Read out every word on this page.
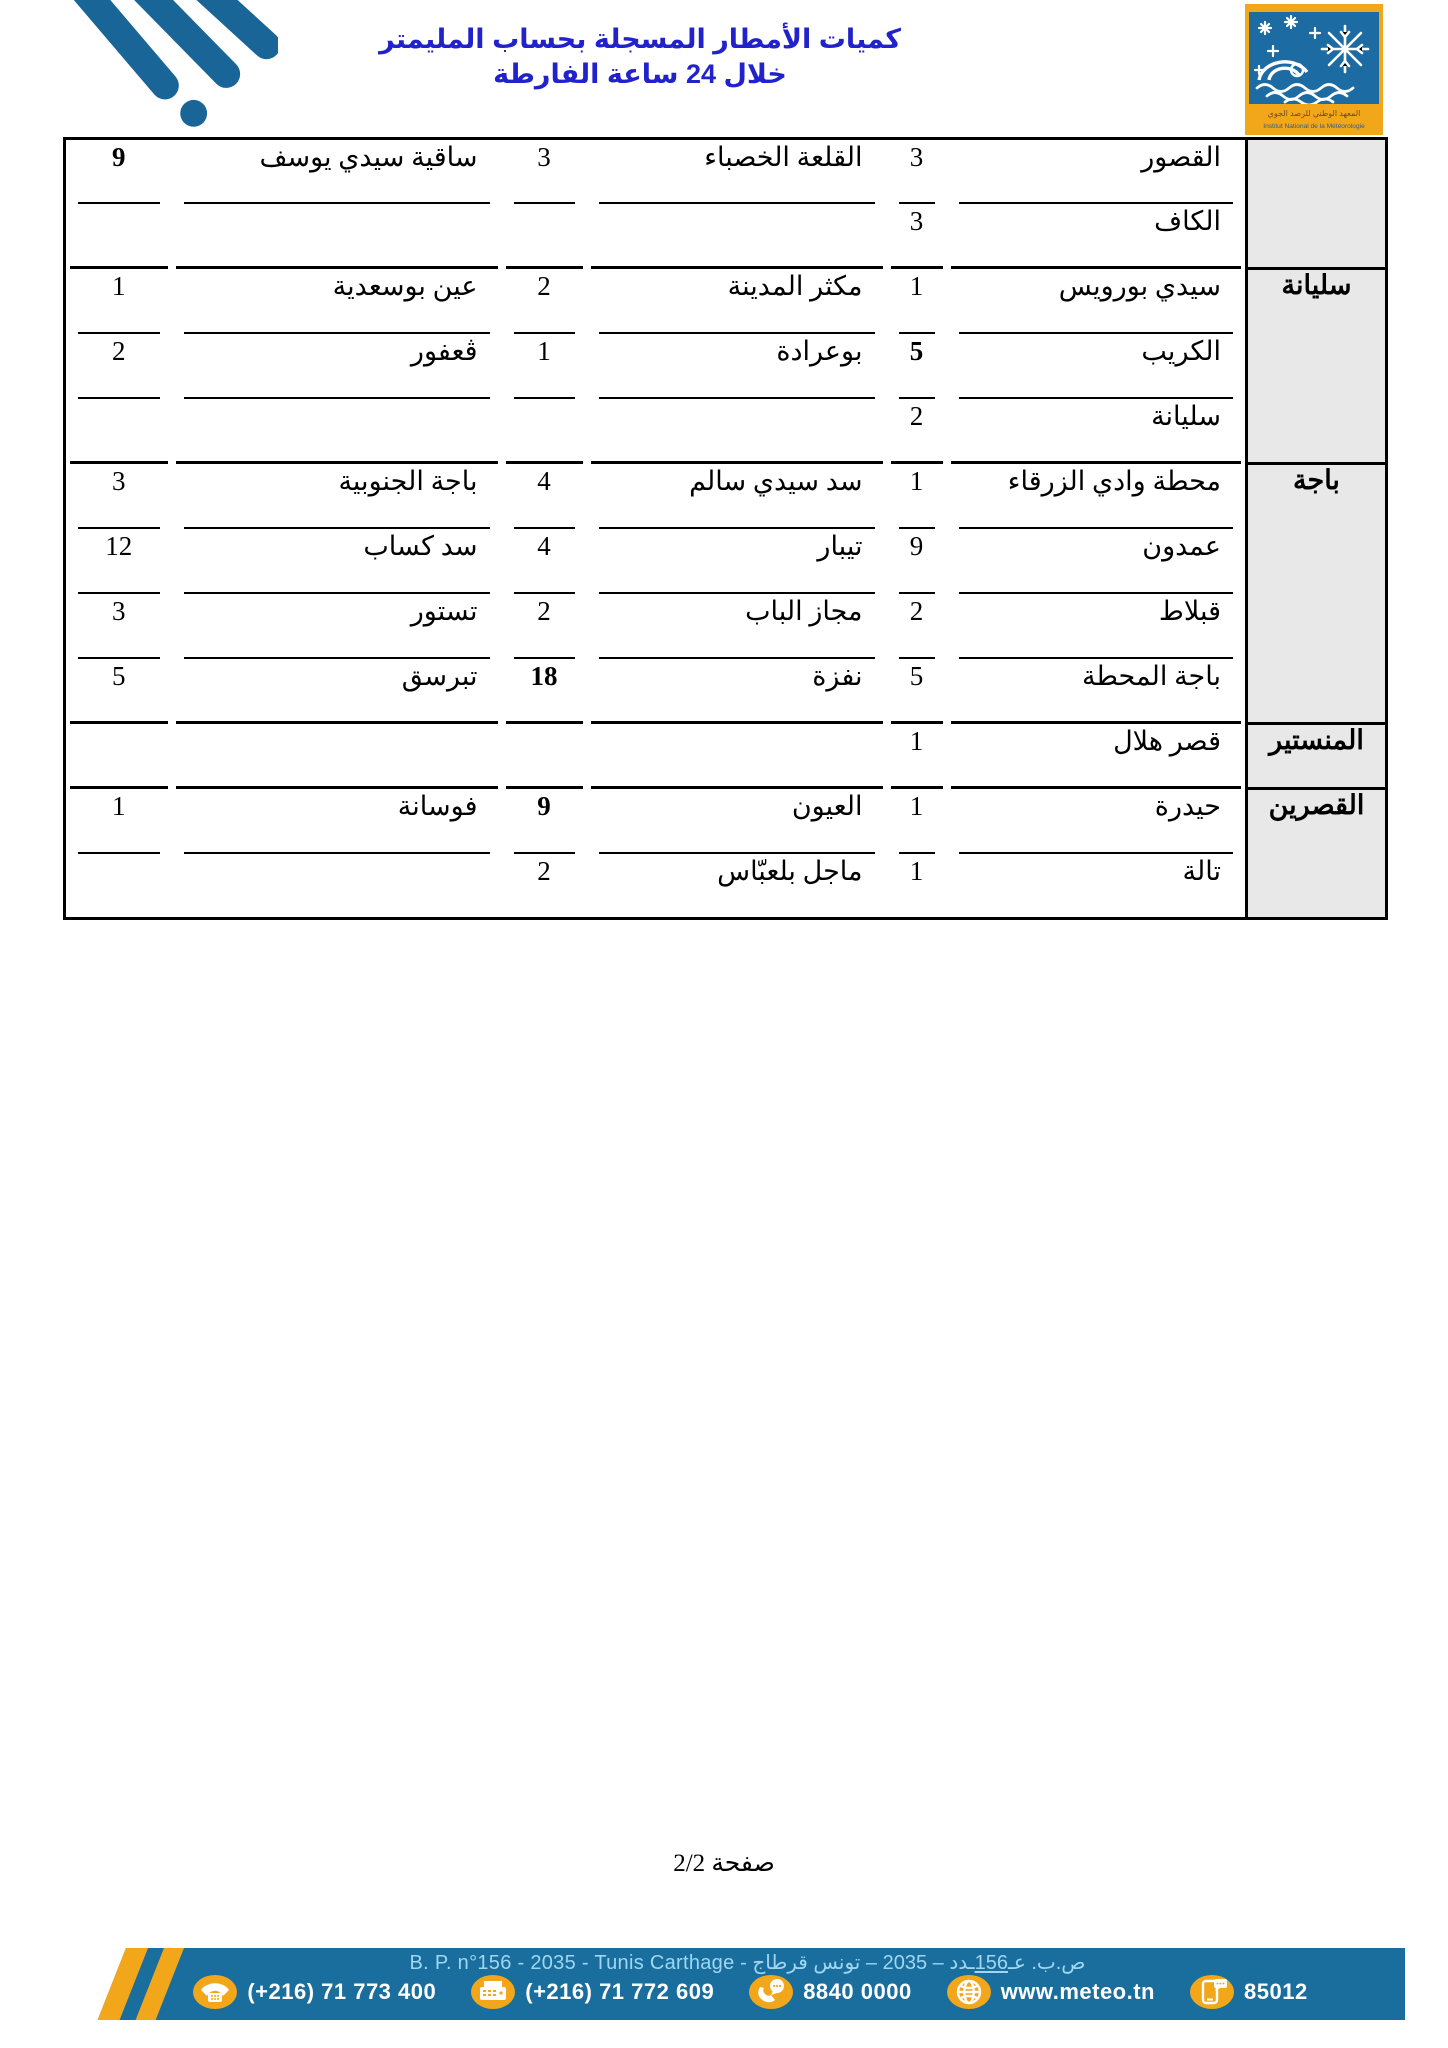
كميات الأمطار المسجلة بحساب المليمتر
خلال 24 ساعة الفارطة
المعهد الوطني للرصد الجوي
Institut National de la Météorologie
	القصور	3	القلعة الخصباء	3	ساقية سيدي يوسف	9
	الكاف	3				
سليانة	سيدي بورويس	1	مكثر المدينة	2	عين بوسعدية	1
	الكريب	5	بوعرادة	1	ڨعفور	2
	سليانة	2				
باجة	محطة وادي الزرقاء	1	سد سيدي سالم	4	باجة الجنوبية	3
	عمدون	9	تيبار	4	سد كساب	12
	قبلاط	2	مجاز الباب	2	تستور	3
	باجة المحطة	5	نفزة	18	تبرسق	5
المنستير	قصر هلال	1				
القصرين	حيدرة	1	العيون	9	فوسانة	1
	تالة	1	ماجل بلعبّاس	2		
صفحة 2/2
ص.ب. عـ156ـدد – 2035 – تونس قرطاج - B. P. n°156 - 2035 - Tunis Carthage
(+216) 71 773 400	(+216) 71 772 609	8840 0000	www.meteo.tn	85012
